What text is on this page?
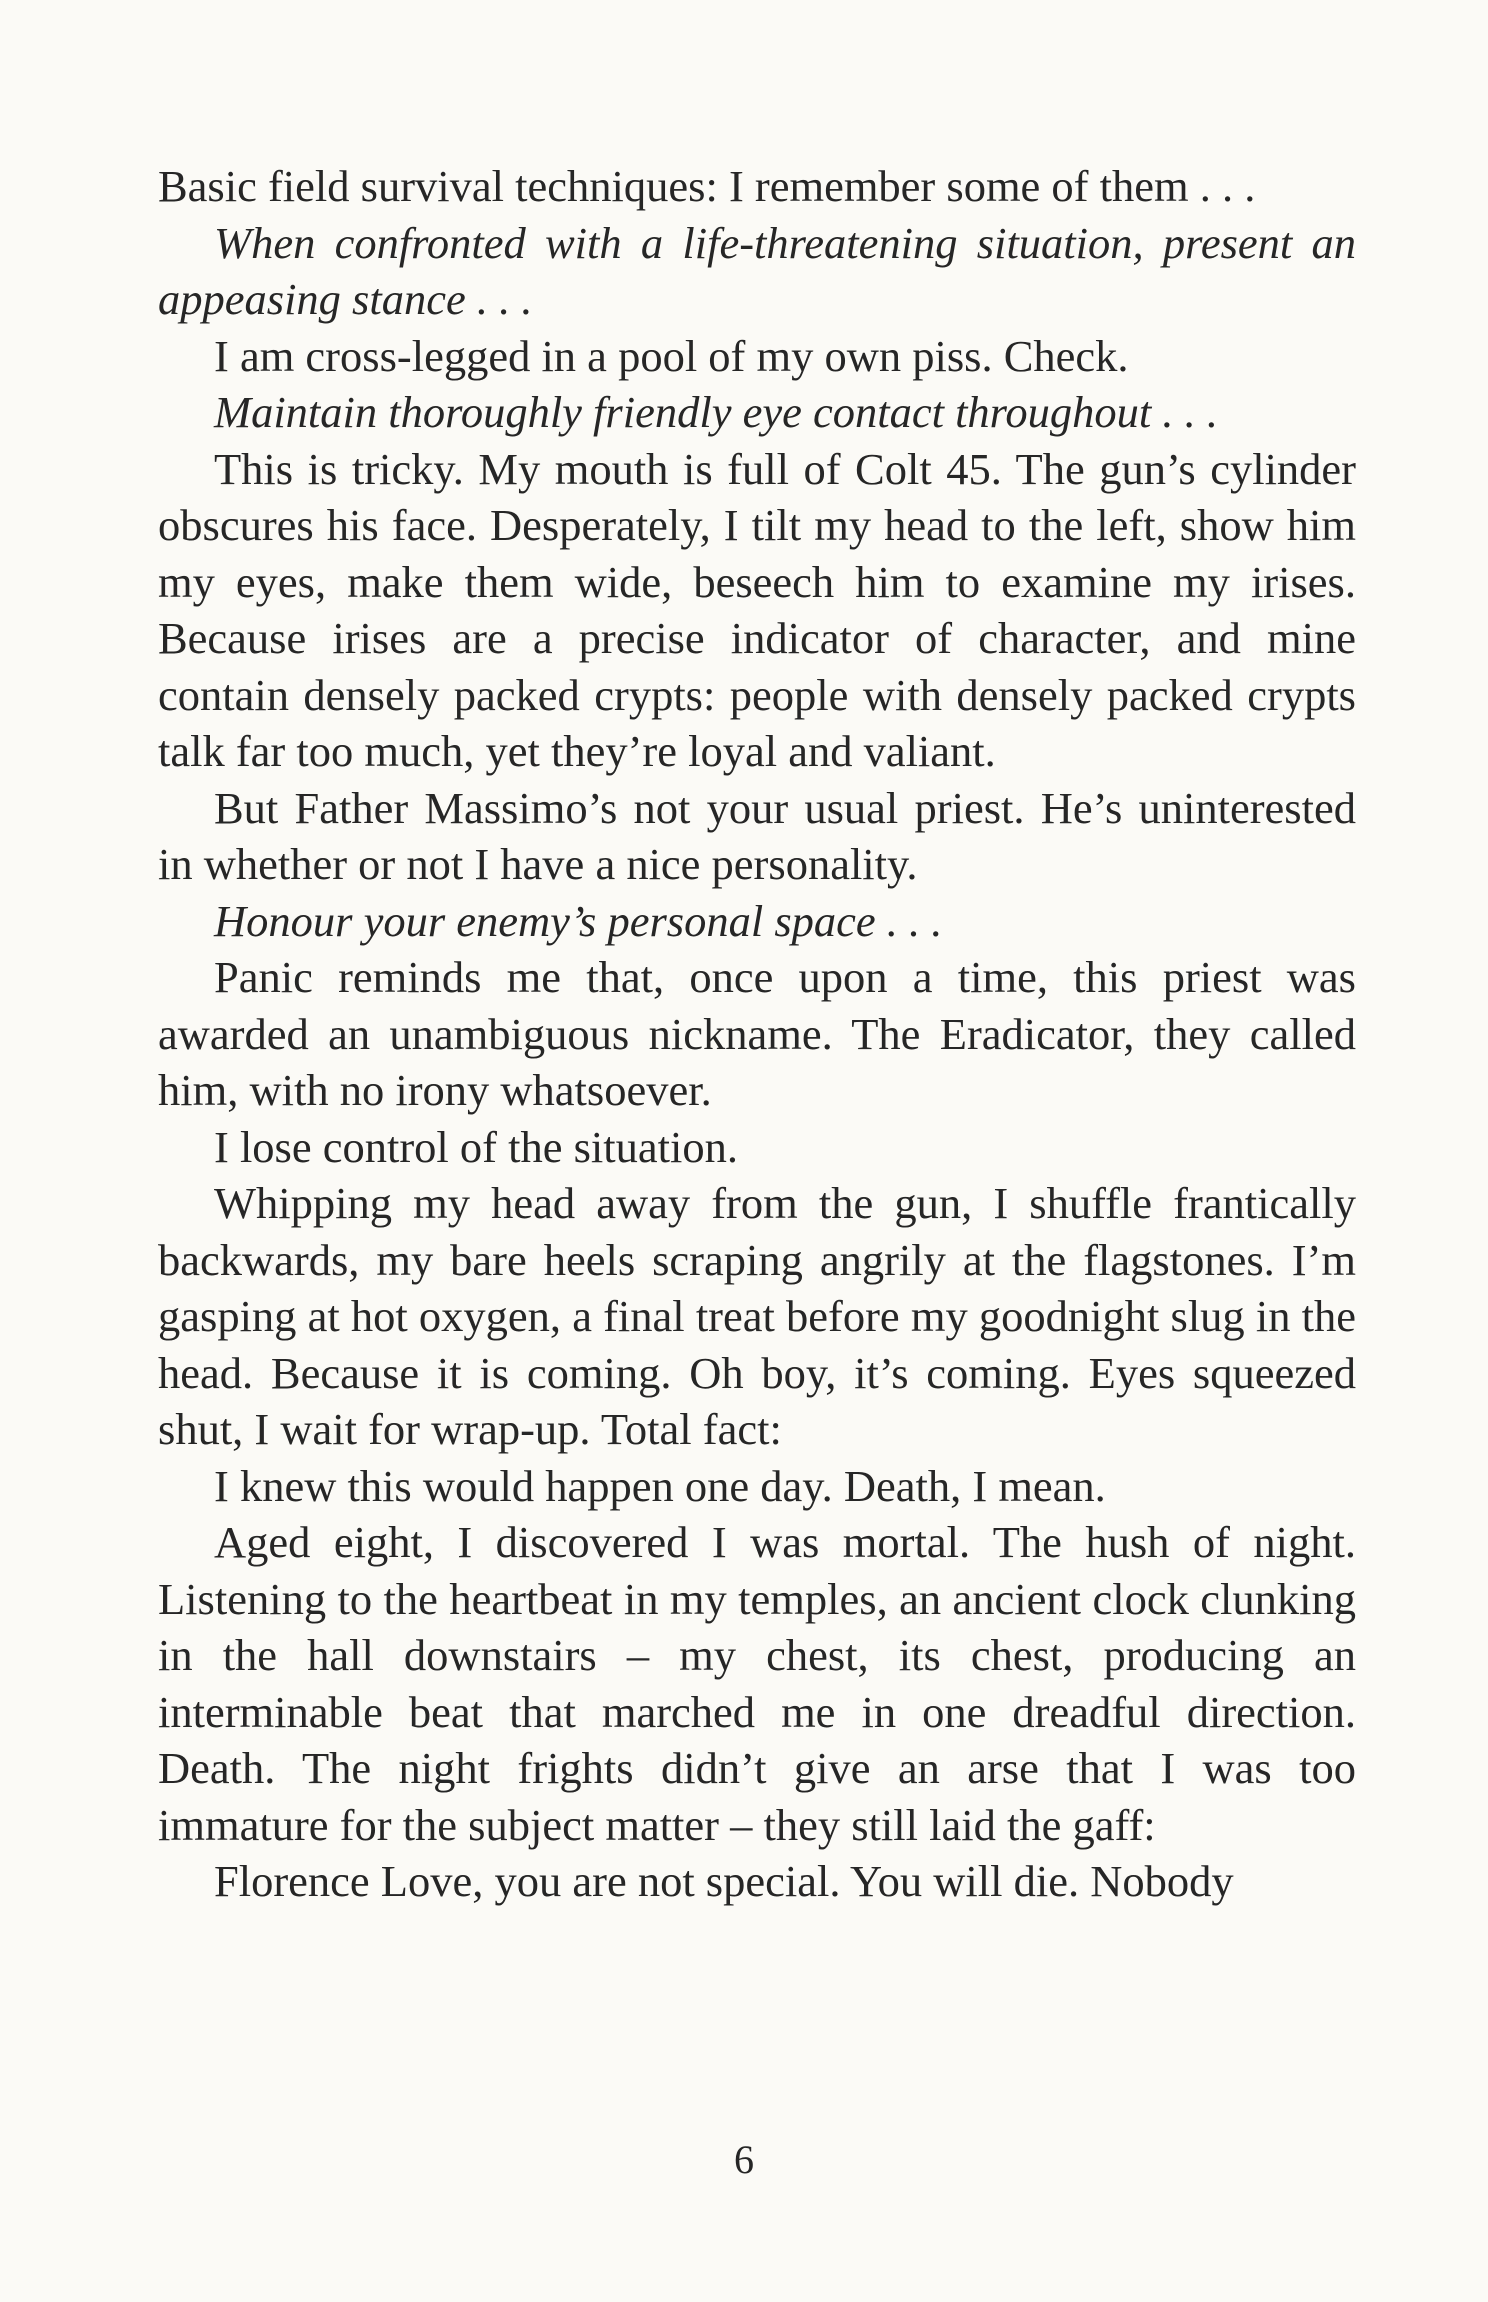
Basic field survival techniques: I remember some of them . . .

When confronted with a life-threatening situation, present an appeasing stance . . .

I am cross-legged in a pool of my own piss. Check.

Maintain thoroughly friendly eye contact throughout . . .

This is tricky. My mouth is full of Colt 45. The gun’s cylinder obscures his face. Desperately, I tilt my head to the left, show him my eyes, make them wide, beseech him to examine my irises. Because irises are a precise indicator of character, and mine contain densely packed crypts: people with densely packed crypts talk far too much, yet they’re loyal and valiant.

But Father Massimo’s not your usual priest. He’s uninterested in whether or not I have a nice personality.

Honour your enemy’s personal space . . .

Panic reminds me that, once upon a time, this priest was awarded an unambiguous nickname. The Eradicator, they called him, with no irony whatsoever.

I lose control of the situation.

Whipping my head away from the gun, I shuffle frantically backwards, my bare heels scraping angrily at the flagstones. I’m gasping at hot oxygen, a final treat before my goodnight slug in the head. Because it is coming. Oh boy, it’s coming. Eyes squeezed shut, I wait for wrap-up. Total fact:

I knew this would happen one day. Death, I mean.

Aged eight, I discovered I was mortal. The hush of night. Listening to the heartbeat in my temples, an ancient clock clunking in the hall downstairs – my chest, its chest, producing an interminable beat that marched me in one dreadful direction. Death. The night frights didn’t give an arse that I was too immature for the subject matter – they still laid the gaff:

Florence Love, you are not special. You will die. Nobody

6
